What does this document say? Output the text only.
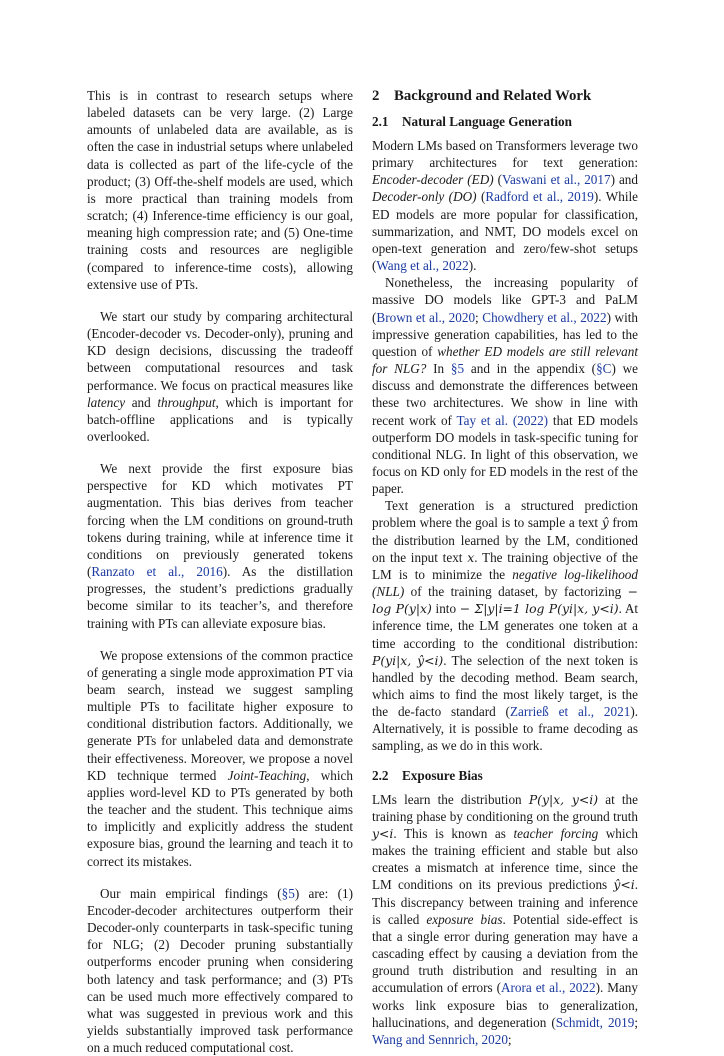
This is in contrast to research setups where labeled datasets can be very large. (2) Large amounts of unlabeled data are available, as is often the case in industrial setups where unlabeled data is collected as part of the life-cycle of the product; (3) Off-the-shelf models are used, which is more practical than training models from scratch; (4) Inference-time efficiency is our goal, meaning high compression rate; and (5) One-time training costs and resources are negligible (compared to inference-time costs), allowing extensive use of PTs.

We start our study by comparing architectural (Encoder-decoder vs. Decoder-only), pruning and KD design decisions, discussing the tradeoff between computational resources and task performance. We focus on practical measures like latency and throughput, which is important for batch-offline applications and is typically overlooked.

We next provide the first exposure bias perspective for KD which motivates PT augmentation. This bias derives from teacher forcing when the LM conditions on ground-truth tokens during training, while at inference time it conditions on previously generated tokens (Ranzato et al., 2016). As the distillation progresses, the student’s predictions gradually become similar to its teacher’s, and therefore training with PTs can alleviate exposure bias.

We propose extensions of the common practice of generating a single mode approximation PT via beam search, instead we suggest sampling multiple PTs to facilitate higher exposure to conditional distribution factors. Additionally, we generate PTs for unlabeled data and demonstrate their effectiveness. Moreover, we propose a novel KD technique termed Joint-Teaching, which applies word-level KD to PTs generated by both the teacher and the student. This technique aims to implicitly and explicitly address the student exposure bias, ground the learning and teach it to correct its mistakes.

Our main empirical findings (§5) are: (1) Encoder-decoder architectures outperform their Decoder-only counterparts in task-specific tuning for NLG; (2) Decoder pruning substantially outperforms encoder pruning when considering both latency and task performance; and (3) PTs can be used much more effectively compared to what was suggested in previous work and this yields substantially improved task performance on a much reduced computational cost.

2 Background and Related Work
2.1	Natural Language Generation

Modern LMs based on Transformers leverage two primary architectures for text generation: Encoder-decoder (ED) (Vaswani et al., 2017) and Decoder-only (DO) (Radford et al., 2019). While ED models are more popular for classification, summarization, and NMT, DO models excel on open-text generation and zero/few-shot setups (Wang et al., 2022).

Nonetheless, the increasing popularity of massive DO models like GPT-3 and PaLM (Brown et al., 2020; Chowdhery et al., 2022) with impressive generation capabilities, has led to the question of whether ED models are still relevant for NLG? In §5 and in the appendix (§C) we discuss and demonstrate the differences between these two architectures. We show in line with recent work of Tay et al. (2022) that ED models outperform DO models in task-specific tuning for conditional NLG. In light of this observation, we focus on KD only for ED models in the rest of the paper.

Text generation is a structured prediction problem where the goal is to sample a text ŷ from the distribution learned by the LM, conditioned on the input text x. The training objective of the LM is to minimize the negative log-likelihood (NLL) of the training dataset, by factorizing − log P(y|x) into − Σ|y|i=1 log P(yi|x, y<i). At inference time, the LM generates one token at a time according to the conditional distribution: P(yi|x, ŷ<i). The selection of the next token is handled by the decoding method. Beam search, which aims to find the most likely target, is the the de-facto standard (Zarrieß et al., 2021). Alternatively, it is possible to frame decoding as sampling, as we do in this work.

2.2	Exposure Bias

LMs learn the distribution P(y|x, y<i) at the training phase by conditioning on the ground truth y<i. This is known as teacher forcing which makes the training efficient and stable but also creates a mismatch at inference time, since the LM conditions on its previous predictions ŷ<i. This discrepancy between training and inference is called exposure bias. Potential side-effect is that a single error during generation may have a cascading effect by causing a deviation from the ground truth distribution and resulting in an accumulation of errors (Arora et al., 2022). Many works link exposure bias to generalization, hallucinations, and degeneration (Schmidt, 2019; Wang and Sennrich, 2020;
